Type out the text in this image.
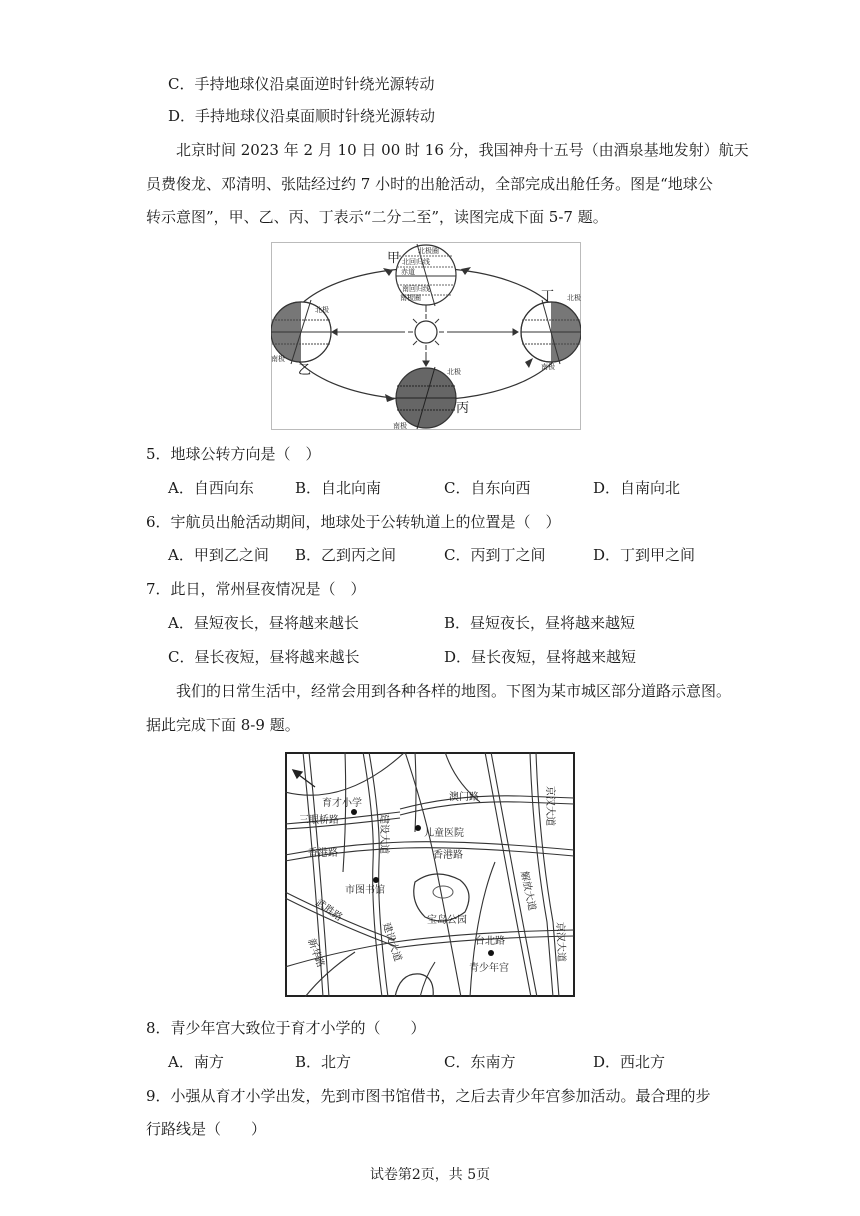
C．手持地球仪沿桌面逆时针绕光源转动
D．手持地球仪沿桌面顺时针绕光源转动
北京时间 2023 年 2 月 10 日 00 时 16 分，我国神舟十五号（由酒泉基地发射）航天
员费俊龙、邓清明、张陆经过约 7 小时的出舱活动，全部完成出舱任务。图是“地球公
转示意图”，甲、乙、丙、丁表示“二分二至”，读图完成下面 5-7 题。
北极圈
北回归线
赤道
南回归线
南极圈
甲
北极
南极
乙	北极
南极
丙
北极
南极
丁
5．地球公转方向是（　）
A．自西向东	B．自北向南	C．自东向西	D．自南向北
6．宇航员出舱活动期间，地球处于公转轨道上的位置是（　）
A．甲到乙之间 B．乙到丙之间	C．丙到丁之间	D．丁到甲之间
7．此日，常州昼夜情况是（　）
A．昼短夜长，昼将越来越长	B．昼短夜长，昼将越来越短
C．昼长夜短，昼将越来越长	D．昼长夜短，昼将越来越短
我们的日常生活中，经常会用到各种各样的地图。下图为某市城区部分道路示意图。
据此完成下面 8-9 题。
育才小学
三眼桥路
澳门路
儿童医院
香港路	香港路
市图书馆
宝岛公园
台北路
青少年宫
建设大道
京汉大道
解放大道
武胜路
建设大道	京汉大道
新华路
8．青少年宫大致位于育才小学的（　　）
A．南方	B．北方	C．东南方	D．西北方
9．小强从育才小学出发，先到市图书馆借书，之后去青少年宫参加活动。最合理的步
行路线是（　　）
试卷第2页，共 5页
